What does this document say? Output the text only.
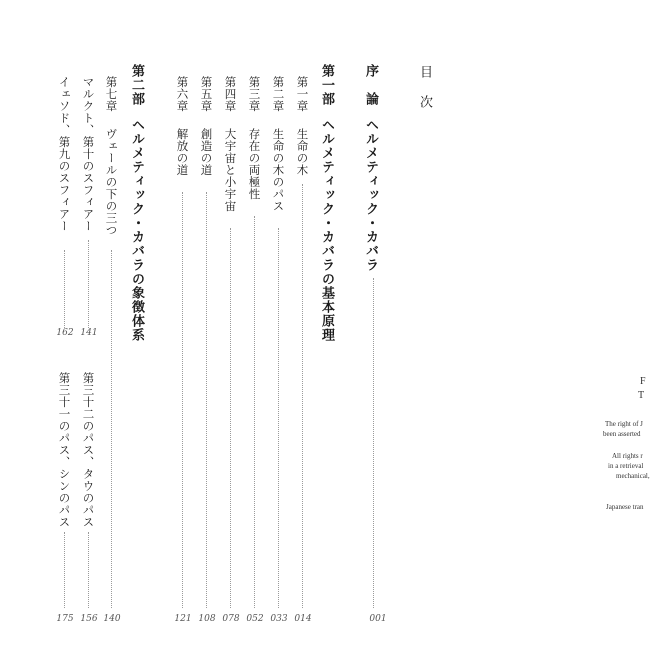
目
次
序　論
ヘルメティック・カバラ
001
第一部
ヘルメティック・カバラの基本原理
第一章
生命の木
014
第二章
生命の木のパス
033
第三章
存在の両極性
052
第四章
大宇宙と小宇宙
078
第五章
創造の道
108
第六章
解放の道
121
第二部
ヘルメティック・カバラの象徴体系
第七章
ヴェールの下の三つ
140
マルクト、第十のスフィアー
141
イェソド、第九のスフィアー
162
第三十二のパス、タウのパス
156
第三十一のパス、シンのパス
175
F
T
The right of J
been asserted
All rights r
in a retrieval
mechanical,
Japanese tran
